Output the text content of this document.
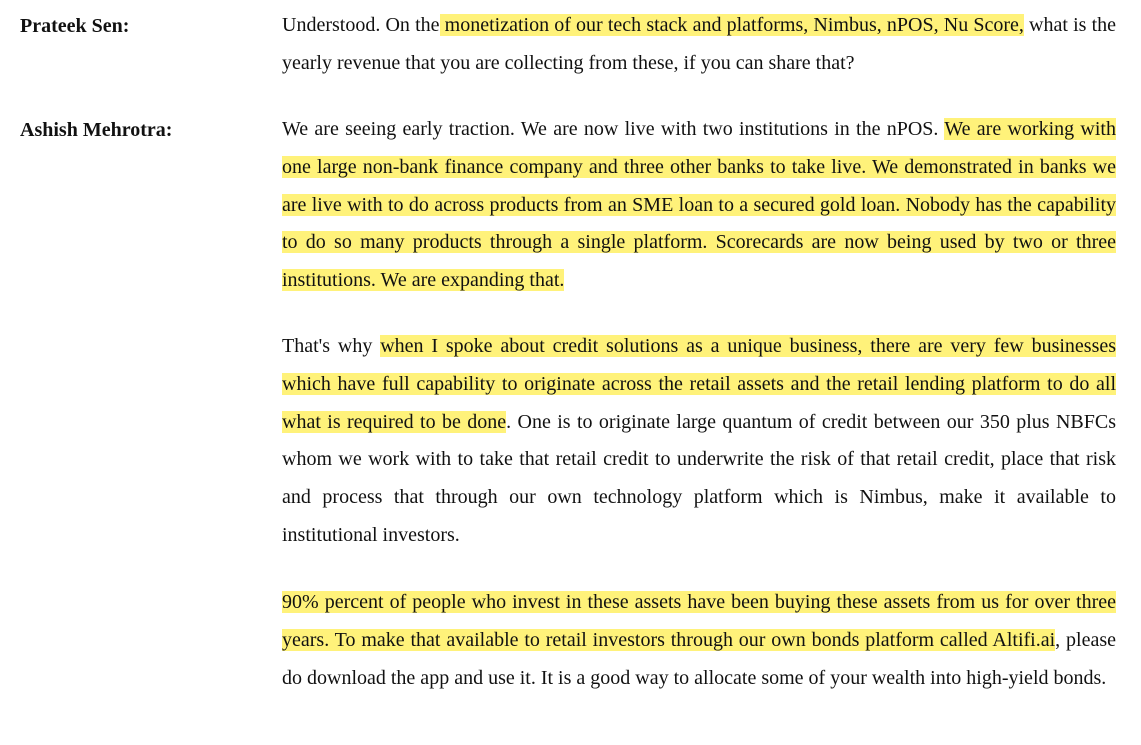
Prateek Sen:	Understood. On the monetization of our tech stack and platforms, Nimbus, nPOS, Nu Score, what is the yearly revenue that you are collecting from these, if you can share that?

Ashish Mehrotra:	We are seeing early traction. We are now live with two institutions in the nPOS. We are working with one large non-bank finance company and three other banks to take live. We demonstrated in banks we are live with to do across products from an SME loan to a secured gold loan. Nobody has the capability to do so many products through a single platform. Scorecards are now being used by two or three institutions. We are expanding that.

That's why when I spoke about credit solutions as a unique business, there are very few businesses which have full capability to originate across the retail assets and the retail lending platform to do all what is required to be done. One is to originate large quantum of credit between our 350 plus NBFCs whom we work with to take that retail credit to underwrite the risk of that retail credit, place that risk and process that through our own technology platform which is Nimbus, make it available to institutional investors.

90% percent of people who invest in these assets have been buying these assets from us for over three years. To make that available to retail investors through our own bonds platform called Altifi.ai, please do download the app and use it. It is a good way to allocate some of your wealth into high-yield bonds.
